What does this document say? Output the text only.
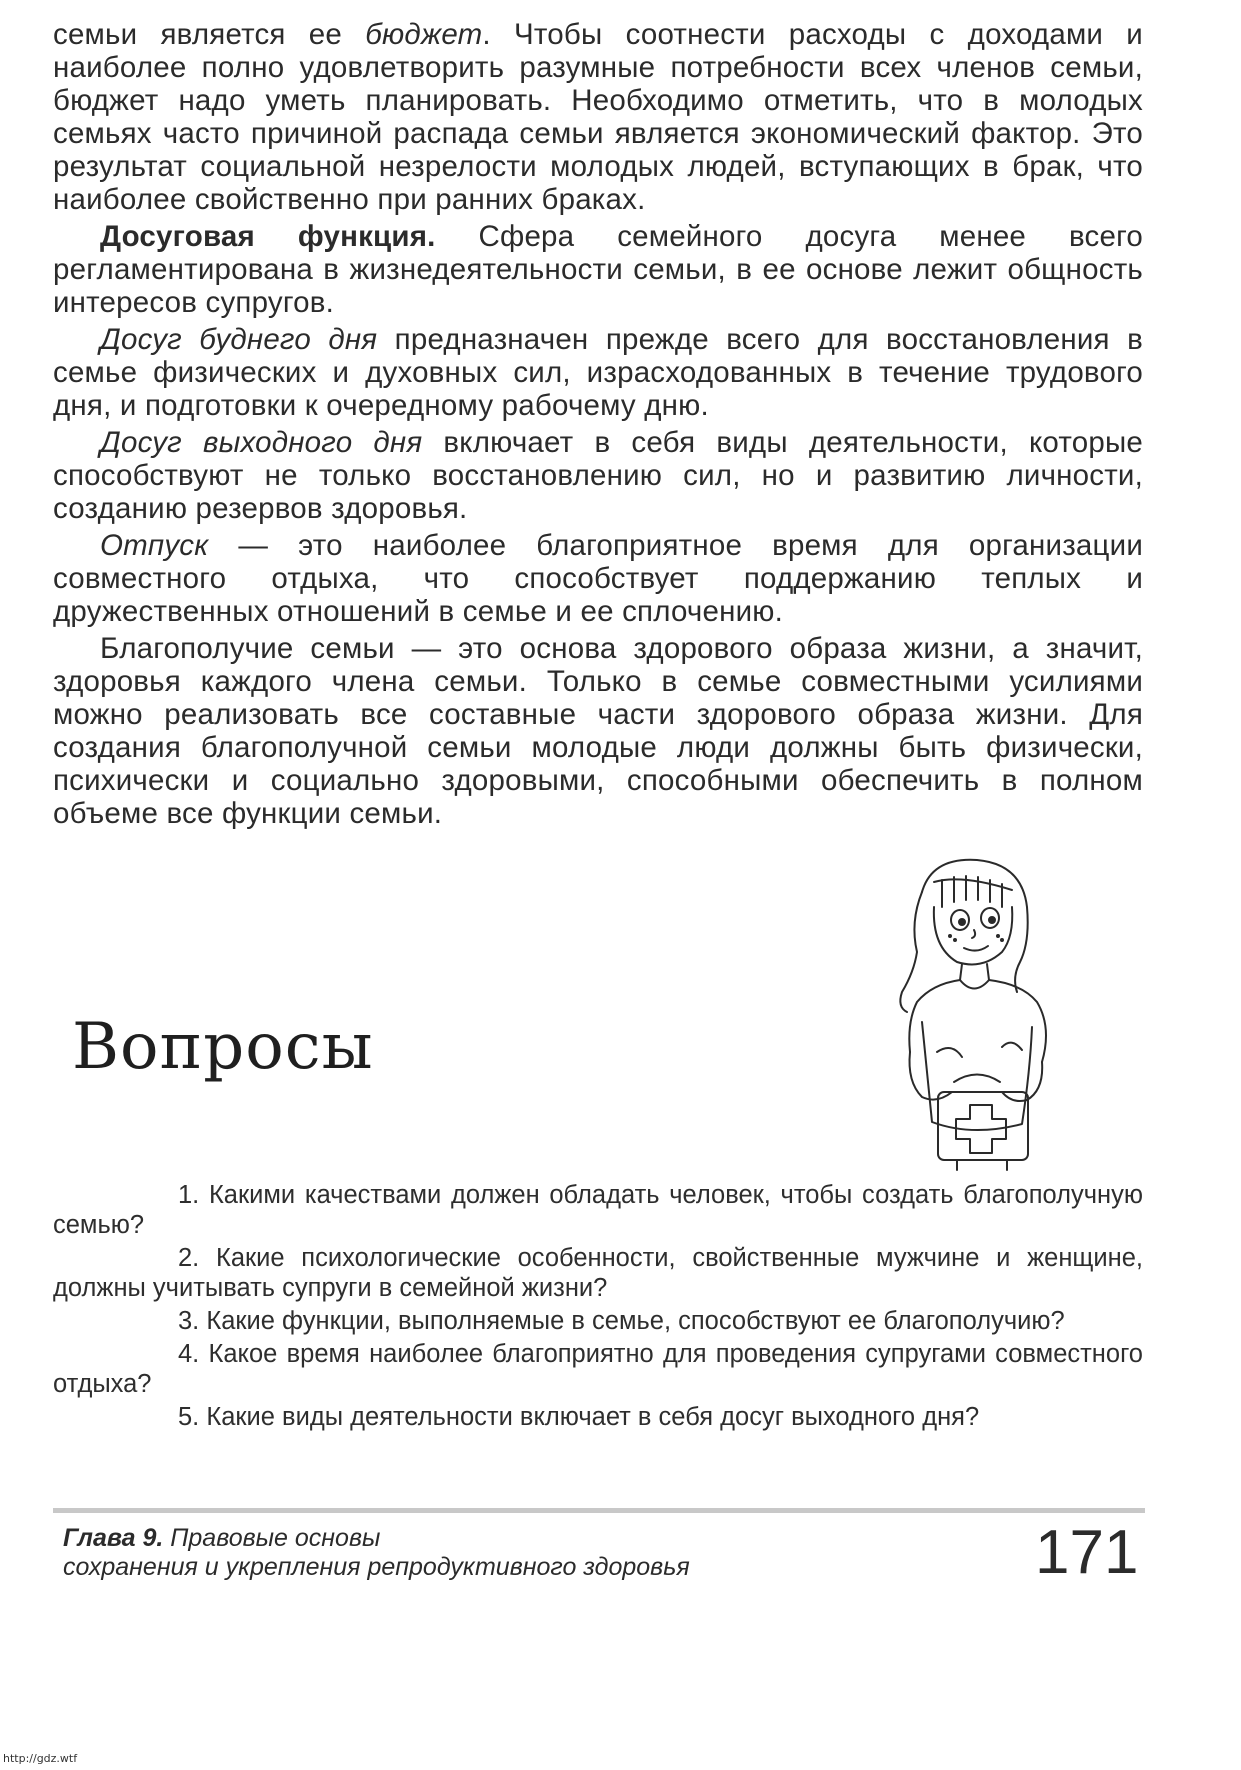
семьи является ее бюджет. Чтобы соотнести расходы с доходами и наиболее полно удовлетворить разумные потребности всех членов семьи, бюджет надо уметь планировать. Необходимо отметить, что в молодых семьях часто причиной распада семьи является экономический фактор. Это результат социальной незрелости молодых людей, вступающих в брак, что наиболее свойственно при ранних браках.

Досуговая функция. Сфера семейного досуга менее всего регламентирована в жизнедеятельности семьи, в ее основе лежит общность интересов супругов.

Досуг буднего дня предназначен прежде всего для восстановления в семье физических и духовных сил, израсходованных в течение трудового дня, и подготовки к очередному рабочему дню.

Досуг выходного дня включает в себя виды деятельности, которые способствуют не только восстановлению сил, но и развитию личности, созданию резервов здоровья.

Отпуск — это наиболее благоприятное время для организации совместного отдыха, что способствует поддержанию теплых и дружественных отношений в семье и ее сплочению.

Благополучие семьи — это основа здорового образа жизни, а значит, здоровья каждого члена семьи. Только в семье совместными усилиями можно реализовать все составные части здорового образа жизни. Для создания благополучной семьи молодые люди должны быть физически, психически и социально здоровыми, способными обеспечить в полном объеме все функции семьи.

Вопросы

1. Какими качествами должен обладать человек, чтобы создать благополучную семью?

2. Какие психологические особенности, свойственные мужчине и женщине, должны учитывать супруги в семейной жизни?

3. Какие функции, выполняемые в семье, способствуют ее благополучию?

4. Какое время наиболее благоприятно для проведения супругами совместного отдыха?

5. Какие виды деятельности включает в себя досуг выходного дня?

Глава 9. Правовые основы
сохранения и укрепления репродуктивного здоровья	171
http://gdz.wtf
